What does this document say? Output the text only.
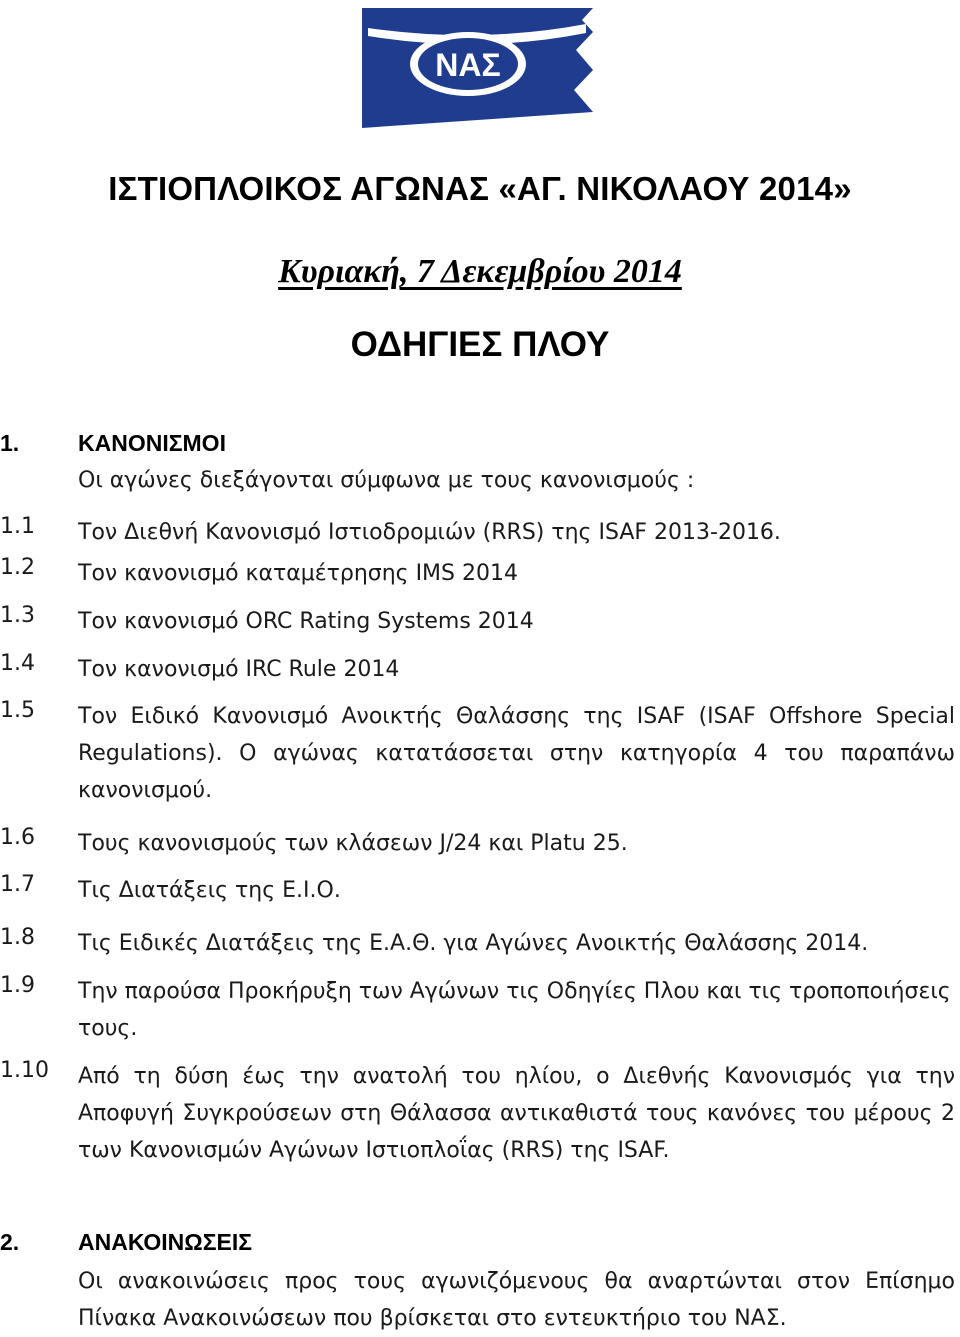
ΝΑΣ
ΙΣΤΙΟΠΛΟΙΚΟΣ ΑΓΩΝΑΣ «ΑΓ. ΝΙΚΟΛΑΟΥ 2014»
Κυριακή, 7 Δεκεμβρίου 2014
ΟΔΗΓΙΕΣ ΠΛΟΥ
1.	ΚΑΝΟΝΙΣΜΟΙ
Οι αγώνες διεξάγονται σύμφωνα με τους κανονισμούς :
1.1 Τον Διεθνή Κανονισμό Ιστιοδρομιών (RRS) της ISAF 2013-2016.
1.2 Τον κανονισμό καταμέτρησης IMS 2014
1.3 Τον κανονισμό ORC Rating Systems 2014
1.4 Τον κανονισμό IRC Rule 2014
1.5 Τον Ειδικό Κανονισμό Ανοικτής Θαλάσσης της ISAF (ISAF Offshore Special Regulations). Ο αγώνας κατατάσσεται στην κατηγορία 4 του παραπάνω κανονισμού.
1.6 Τους κανονισμούς των κλάσεων J/24 και Platu 25.
1.7 Τις Διατάξεις της Ε.Ι.Ο.
1.8 Τις Ειδικές Διατάξεις της Ε.Α.Θ. για Αγώνες Ανοικτής Θαλάσσης 2014.
1.9 Την παρούσα Προκήρυξη των Αγώνων τις Οδηγίες Πλου και τις τροποποιήσεις τους.
1.10 Από τη δύση έως την ανατολή του ηλίου, ο Διεθνής Κανονισμός για την Αποφυγή Συγκρούσεων στη Θάλασσα αντικαθιστά τους κανόνες του μέρους 2 των Κανονισμών Αγώνων Ιστιοπλοΐας (RRS) της ISAF.
2.	ΑΝΑΚΟΙΝΩΣΕΙΣ
Οι ανακοινώσεις προς τους αγωνιζόμενους θα αναρτώνται στον Επίσημο Πίνακα Ανακοινώσεων που βρίσκεται στο εντευκτήριο του ΝΑΣ.
